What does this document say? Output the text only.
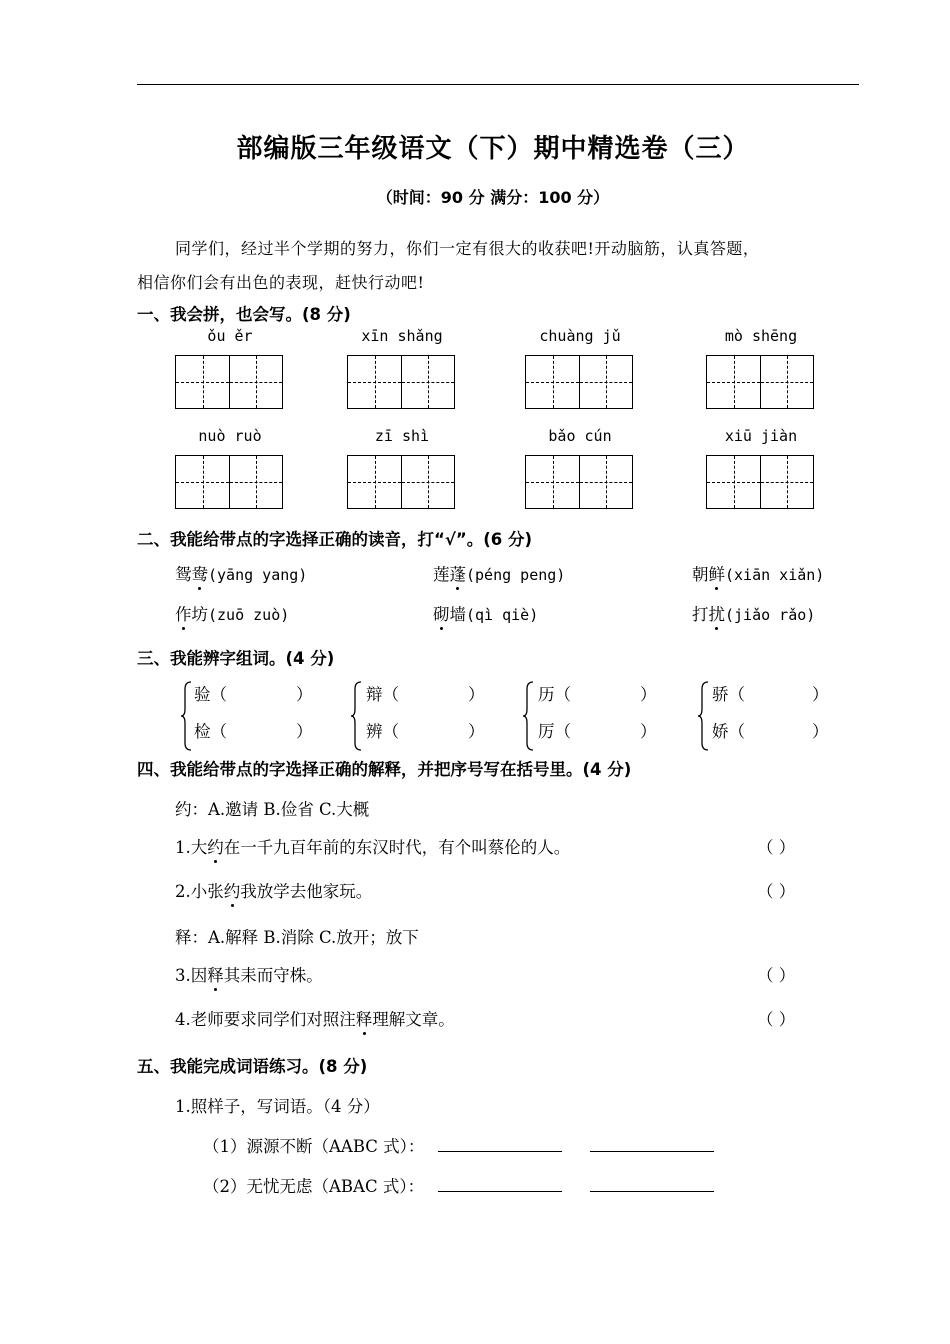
部编版三年级语文（下）期中精选卷（三）
（时间：90 分 满分：100 分）
同学们，经过半个学期的努力，你们一定有很大的收获吧!开动脑筋，认真答题，
相信你们会有出色的表现，赶快行动吧!
一、我会拼，也会写。(8 分)
ǒu ěr	xīn shǎng	chuàng jǔ	mò shēng
nuò ruò	zī shì	bǎo cún	xiū jiàn
二、我能给带点的字选择正确的读音，打“√”。(6 分)
鸳鸯(yāng yang)	莲蓬(péng peng)	朝鲜(xiān xiǎn)
作坊(zuō zuò)	砌墙(qì qiè)	打扰(jiǎo rǎo)
三、我能辨字组词。(4 分)
验（	）
检（	）
辩（	）
辨（	）
历（	）
厉（	）
骄（	）
娇（	）
四、我能给带点的字选择正确的解释，并把序号写在括号里。(4 分)
约：A.邀请 B.俭省 C.大概
1.大约在一千九百年前的东汉时代，有个叫蔡伦的人。	（ ）
2.小张约我放学去他家玩。	（ ）
释：A.解释 B.消除 C.放开；放下
3.因释其耒而守株。	（ ）
4.老师要求同学们对照注释理解文章。	（ ）
五、我能完成词语练习。(8 分)
1.照样子，写词语。（4 分）
（1）源源不断（AABC 式）：
（2）无忧无虑（ABAC 式）：
